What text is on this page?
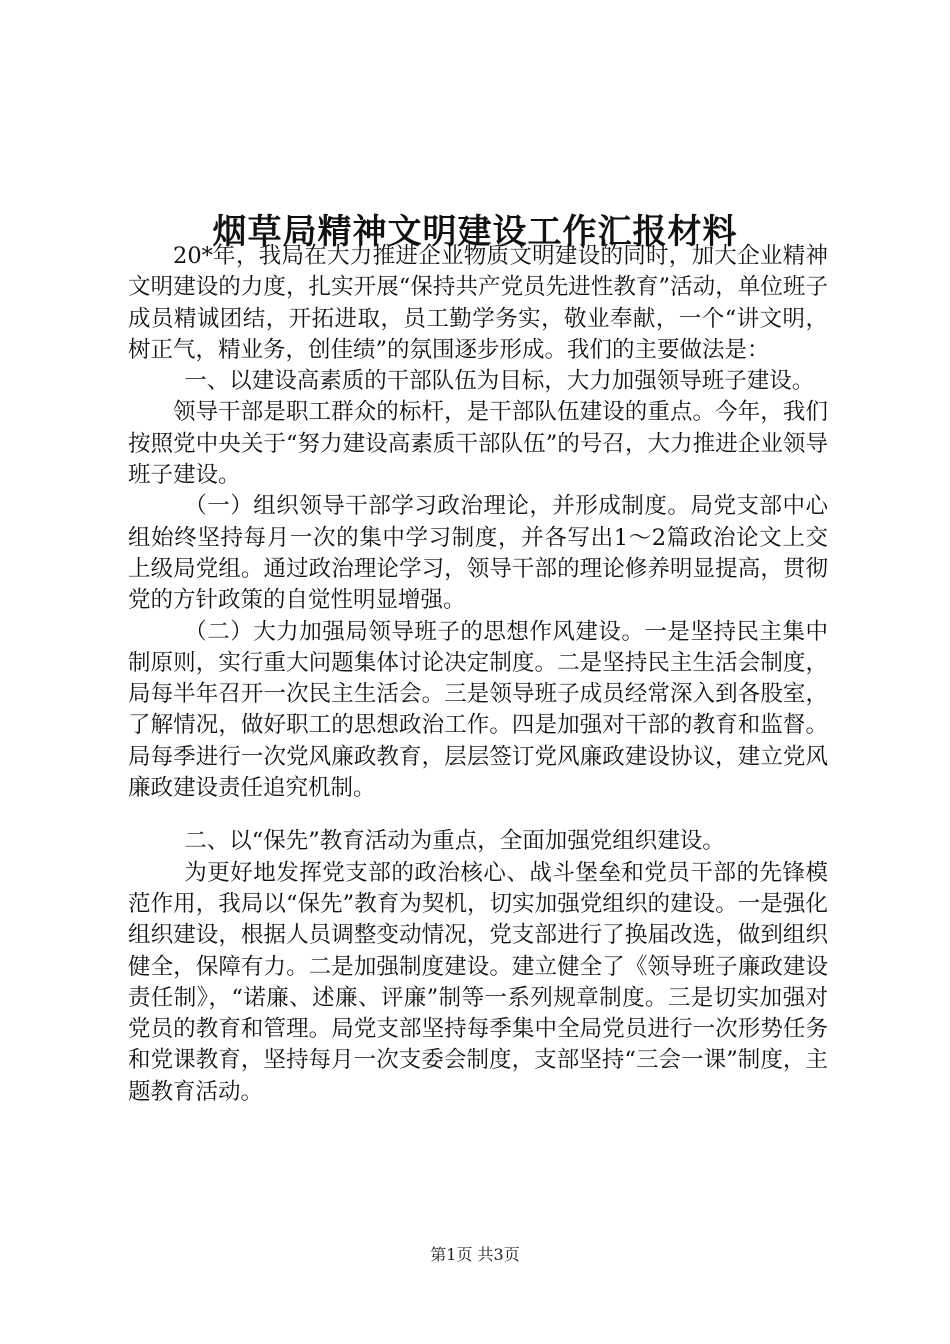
烟草局精神文明建设工作汇报材料

20*年，我局在大力推进企业物质文明建设的同时，加大企业精神文明建设的力度，扎实开展“保持共产党员先进性教育”活动，单位班子成员精诚团结，开拓进取，员工勤学务实，敬业奉献，一个“讲文明，树正气，精业务，创佳绩”的氛围逐步形成。我们的主要做法是：

一、以建设高素质的干部队伍为目标，大力加强领导班子建设。

领导干部是职工群众的标杆，是干部队伍建设的重点。今年，我们按照党中央关于“努力建设高素质干部队伍”的号召，大力推进企业领导班子建设。

（一）组织领导干部学习政治理论，并形成制度。局党支部中心组始终坚持每月一次的集中学习制度，并各写出1～2篇政治论文上交上级局党组。通过政治理论学习，领导干部的理论修养明显提高，贯彻党的方针政策的自觉性明显增强。

（二）大力加强局领导班子的思想作风建设。一是坚持民主集中制原则，实行重大问题集体讨论决定制度。二是坚持民主生活会制度，局每半年召开一次民主生活会。三是领导班子成员经常深入到各股室，了解情况，做好职工的思想政治工作。四是加强对干部的教育和监督。局每季进行一次党风廉政教育，层层签订党风廉政建设协议，建立党风廉政建设责任追究机制。

二、以“保先”教育活动为重点，全面加强党组织建设。

为更好地发挥党支部的政治核心、战斗堡垒和党员干部的先锋模范作用，我局以“保先”教育为契机，切实加强党组织的建设。一是强化组织建设，根据人员调整变动情况，党支部进行了换届改选，做到组织健全，保障有力。二是加强制度建设。建立健全了《领导班子廉政建设责任制》，“诺廉、述廉、评廉”制等一系列规章制度。三是切实加强对党员的教育和管理。局党支部坚持每季集中全局党员进行一次形势任务和党课教育，坚持每月一次支委会制度，支部坚持“三会一课”制度，主题教育活动。

第1页 共3页
